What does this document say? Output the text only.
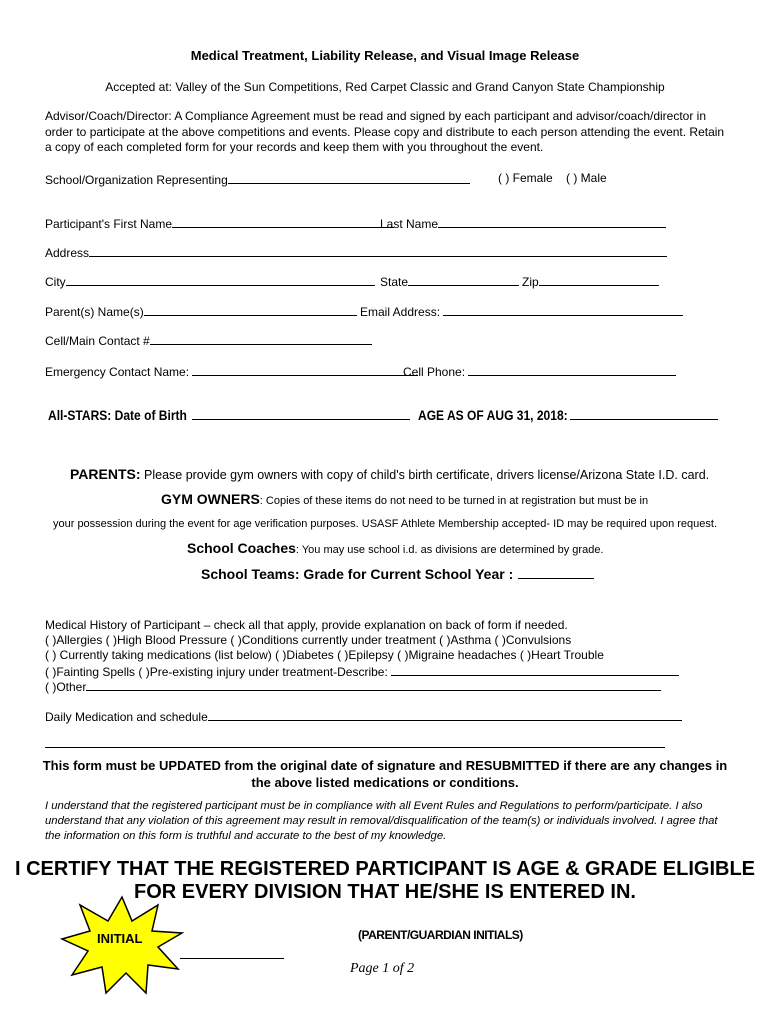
Medical Treatment, Liability Release, and Visual Image Release
Accepted at: Valley of the Sun Competitions, Red Carpet Classic and Grand Canyon State Championship
Advisor/Coach/Director: A Compliance Agreement must be read and signed by each participant and advisor/coach/director in order to participate at the above competitions and events. Please copy and distribute to each person attending the event. Retain a copy of each completed form for your records and keep them with you throughout the event.
School/Organization Representing	( ) Female ( ) Male
Participant's First Name	Last Name
Address
City	State	Zip
Parent(s) Name(s)	Email Address:
Cell/Main Contact #
Emergency Contact Name:	Cell Phone:
All-STARS: Date of Birth	AGE AS OF AUG 31, 2018:
PARENTS: Please provide gym owners with copy of child's birth certificate, drivers license/Arizona State I.D. card.
GYM OWNERS: Copies of these items do not need to be turned in at registration but must be in
your possession during the event for age verification purposes. USASF Athlete Membership accepted- ID may be required upon request.
School Coaches: You may use school i.d. as divisions are determined by grade.
School Teams: Grade for Current School Year :
Medical History of Participant – check all that apply, provide explanation on back of form if needed.
( )Allergies ( )High Blood Pressure ( )Conditions currently under treatment ( )Asthma ( )Convulsions
( ) Currently taking medications (list below) ( )Diabetes ( )Epilepsy ( )Migraine headaches ( )Heart Trouble
( )Fainting Spells ( )Pre-existing injury under treatment-Describe:
( )Other
Daily Medication and schedule
This form must be UPDATED from the original date of signature and RESUBMITTED if there are any changes in the above listed medications or conditions.
I understand that the registered participant must be in compliance with all Event Rules and Regulations to perform/participate. I also understand that any violation of this agreement may result in removal/disqualification of the team(s) or individuals involved. I agree that the information on this form is truthful and accurate to the best of my knowledge.
I CERTIFY THAT THE REGISTERED PARTICIPANT IS AGE & GRADE ELIGIBLE FOR EVERY DIVISION THAT HE/SHE IS ENTERED IN.
INITIAL	(PARENT/GUARDIAN INITIALS)
Page 1 of 2
